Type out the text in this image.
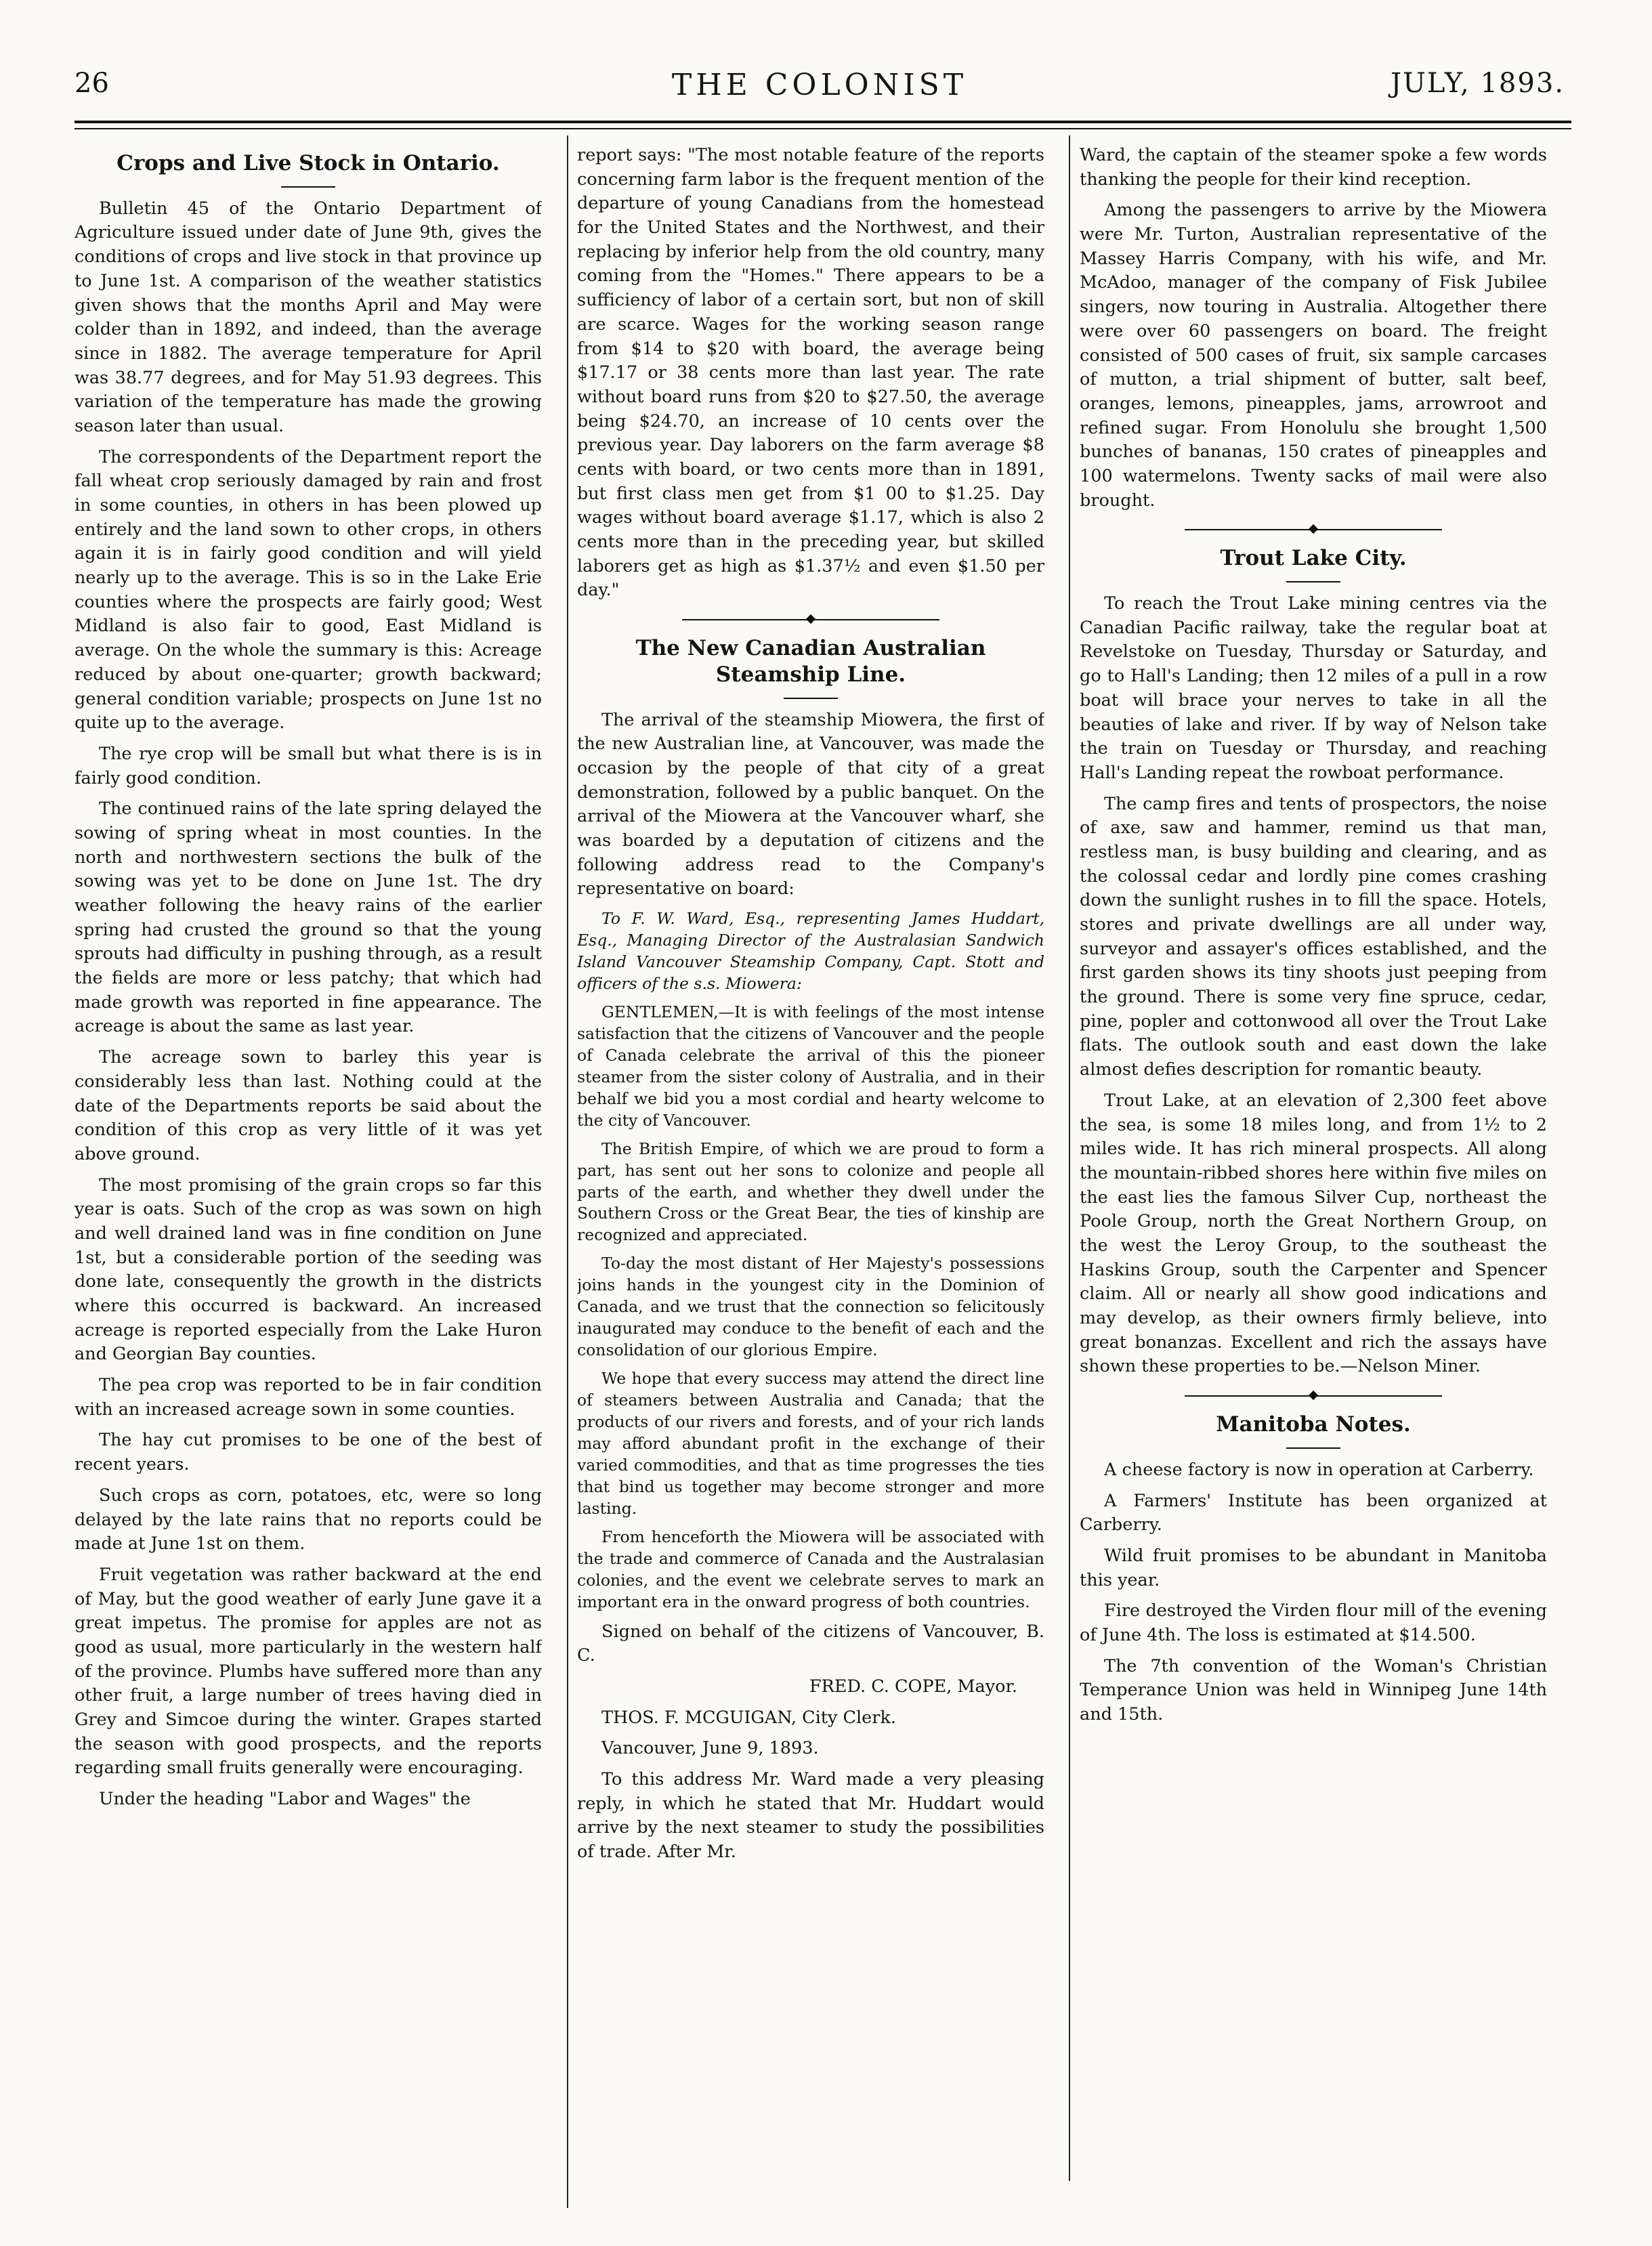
26	THE COLONIST	JULY, 1893.
Crops and Live Stock in Ontario.

Bulletin 45 of the Ontario Department of Agriculture issued under date of June 9th, gives the conditions of crops and live stock in that province up to June 1st. A comparison of the weather statistics given shows that the months April and May were colder than in 1892, and indeed, than the average since in 1882. The average temperature for April was 38.77 degrees, and for May 51.93 degrees. This variation of the temperature has made the growing season later than usual.

The correspondents of the Department report the fall wheat crop seriously damaged by rain and frost in some counties, in others in has been plowed up entirely and the land sown to other crops, in others again it is in fairly good condition and will yield nearly up to the average. This is so in the Lake Erie counties where the prospects are fairly good; West Midland is also fair to good, East Midland is average. On the whole the summary is this: Acreage reduced by about one-quarter; growth backward; general condition variable; prospects on June 1st no quite up to the average.

The rye crop will be small but what there is is in fairly good condition.

The continued rains of the late spring delayed the sowing of spring wheat in most counties. In the north and northwestern sections the bulk of the sowing was yet to be done on June 1st. The dry weather following the heavy rains of the earlier spring had crusted the ground so that the young sprouts had difficulty in pushing through, as a result the fields are more or less patchy; that which had made growth was reported in fine appearance. The acreage is about the same as last year.

The acreage sown to barley this year is considerably less than last. Nothing could at the date of the Departments reports be said about the condition of this crop as very little of it was yet above ground.

The most promising of the grain crops so far this year is oats. Such of the crop as was sown on high and well drained land was in fine condition on June 1st, but a considerable portion of the seeding was done late, consequently the growth in the districts where this occurred is backward. An increased acreage is reported especially from the Lake Huron and Georgian Bay counties.

The pea crop was reported to be in fair condition with an increased acreage sown in some counties.

The hay cut promises to be one of the best of recent years.

Such crops as corn, potatoes, etc, were so long delayed by the late rains that no reports could be made at June 1st on them.

Fruit vegetation was rather backward at the end of May, but the good weather of early June gave it a great impetus. The promise for apples are not as good as usual, more particularly in the western half of the province. Plumbs have suffered more than any other fruit, a large number of trees having died in Grey and Simcoe during the winter. Grapes started the season with good prospects, and the reports regarding small fruits generally were encouraging.

Under the heading "Labor and Wages" the

report says: "The most notable feature of the reports concerning farm labor is the frequent mention of the departure of young Canadians from the homestead for the United States and the Northwest, and their replacing by inferior help from the old country, many coming from the "Homes." There appears to be a sufficiency of labor of a certain sort, but non of skill are scarce. Wages for the working season range from $14 to $20 with board, the average being $17.17 or 38 cents more than last year. The rate without board runs from $20 to $27.50, the average being $24.70, an increase of 10 cents over the previous year. Day laborers on the farm average $8 cents with board, or two cents more than in 1891, but first class men get from $1 00 to $1.25. Day wages without board average $1.17, which is also 2 cents more than in the preceding year, but skilled laborers get as high as $1.37½ and even $1.50 per day."

The New Canadian Australian Steamship Line.

The arrival of the steamship Miowera, the first of the new Australian line, at Vancouver, was made the occasion by the people of that city of a great demonstration, followed by a public banquet. On the arrival of the Miowera at the Vancouver wharf, she was boarded by a deputation of citizens and the following address read to the Company's representative on board:

To F. W. Ward, Esq., representing James Huddart, Esq., Managing Director of the Australasian Sandwich Island Vancouver Steamship Company, Capt. Stott and officers of the s.s. Miowera:

GENTLEMEN,—It is with feelings of the most intense satisfaction that the citizens of Vancouver and the people of Canada celebrate the arrival of this the pioneer steamer from the sister colony of Australia, and in their behalf we bid you a most cordial and hearty welcome to the city of Vancouver.

The British Empire, of which we are proud to form a part, has sent out her sons to colonize and people all parts of the earth, and whether they dwell under the Southern Cross or the Great Bear, the ties of kinship are recognized and appreciated.

To-day the most distant of Her Majesty's possessions joins hands in the youngest city in the Dominion of Canada, and we trust that the connection so felicitously inaugurated may conduce to the benefit of each and the consolidation of our glorious Empire.

We hope that every success may attend the direct line of steamers between Australia and Canada; that the products of our rivers and forests, and of your rich lands may afford abundant profit in the exchange of their varied commodities, and that as time progresses the ties that bind us together may become stronger and more lasting.

From henceforth the Miowera will be associated with the trade and commerce of Canada and the Australasian colonies, and the event we celebrate serves to mark an important era in the onward progress of both countries.

Signed on behalf of the citizens of Vancouver, B. C.

FRED. C. COPE, Mayor.

THOS. F. MCGUIGAN, City Clerk.

Vancouver, June 9, 1893.

To this address Mr. Ward made a very pleasing reply, in which he stated that Mr. Huddart would arrive by the next steamer to study the possibilities of trade. After Mr.

Ward, the captain of the steamer spoke a few words thanking the people for their kind reception.

Among the passengers to arrive by the Miowera were Mr. Turton, Australian representative of the Massey Harris Company, with his wife, and Mr. McAdoo, manager of the company of Fisk Jubilee singers, now touring in Australia. Altogether there were over 60 passengers on board. The freight consisted of 500 cases of fruit, six sample carcases of mutton, a trial shipment of butter, salt beef, oranges, lemons, pineapples, jams, arrowroot and refined sugar. From Honolulu she brought 1,500 bunches of bananas, 150 crates of pineapples and 100 watermelons. Twenty sacks of mail were also brought.

Trout Lake City.

To reach the Trout Lake mining centres via the Canadian Pacific railway, take the regular boat at Revelstoke on Tuesday, Thursday or Saturday, and go to Hall's Landing; then 12 miles of a pull in a row boat will brace your nerves to take in all the beauties of lake and river. If by way of Nelson take the train on Tuesday or Thursday, and reaching Hall's Landing repeat the rowboat performance.

The camp fires and tents of prospectors, the noise of axe, saw and hammer, remind us that man, restless man, is busy building and clearing, and as the colossal cedar and lordly pine comes crashing down the sunlight rushes in to fill the space. Hotels, stores and private dwellings are all under way, surveyor and assayer's offices established, and the first garden shows its tiny shoots just peeping from the ground. There is some very fine spruce, cedar, pine, popler and cottonwood all over the Trout Lake flats. The outlook south and east down the lake almost defies description for romantic beauty.

Trout Lake, at an elevation of 2,300 feet above the sea, is some 18 miles long, and from 1½ to 2 miles wide. It has rich mineral prospects. All along the mountain-ribbed shores here within five miles on the east lies the famous Silver Cup, northeast the Poole Group, north the Great Northern Group, on the west the Leroy Group, to the southeast the Haskins Group, south the Carpenter and Spencer claim. All or nearly all show good indications and may develop, as their owners firmly believe, into great bonanzas. Excellent and rich the assays have shown these properties to be.—Nelson Miner.

Manitoba Notes.

A cheese factory is now in operation at Carberry.

A Farmers' Institute has been organized at Carberry.

Wild fruit promises to be abundant in Manitoba this year.

Fire destroyed the Virden flour mill of the evening of June 4th. The loss is estimated at $14.500.

The 7th convention of the Woman's Christian Temperance Union was held in Winnipeg June 14th and 15th.
